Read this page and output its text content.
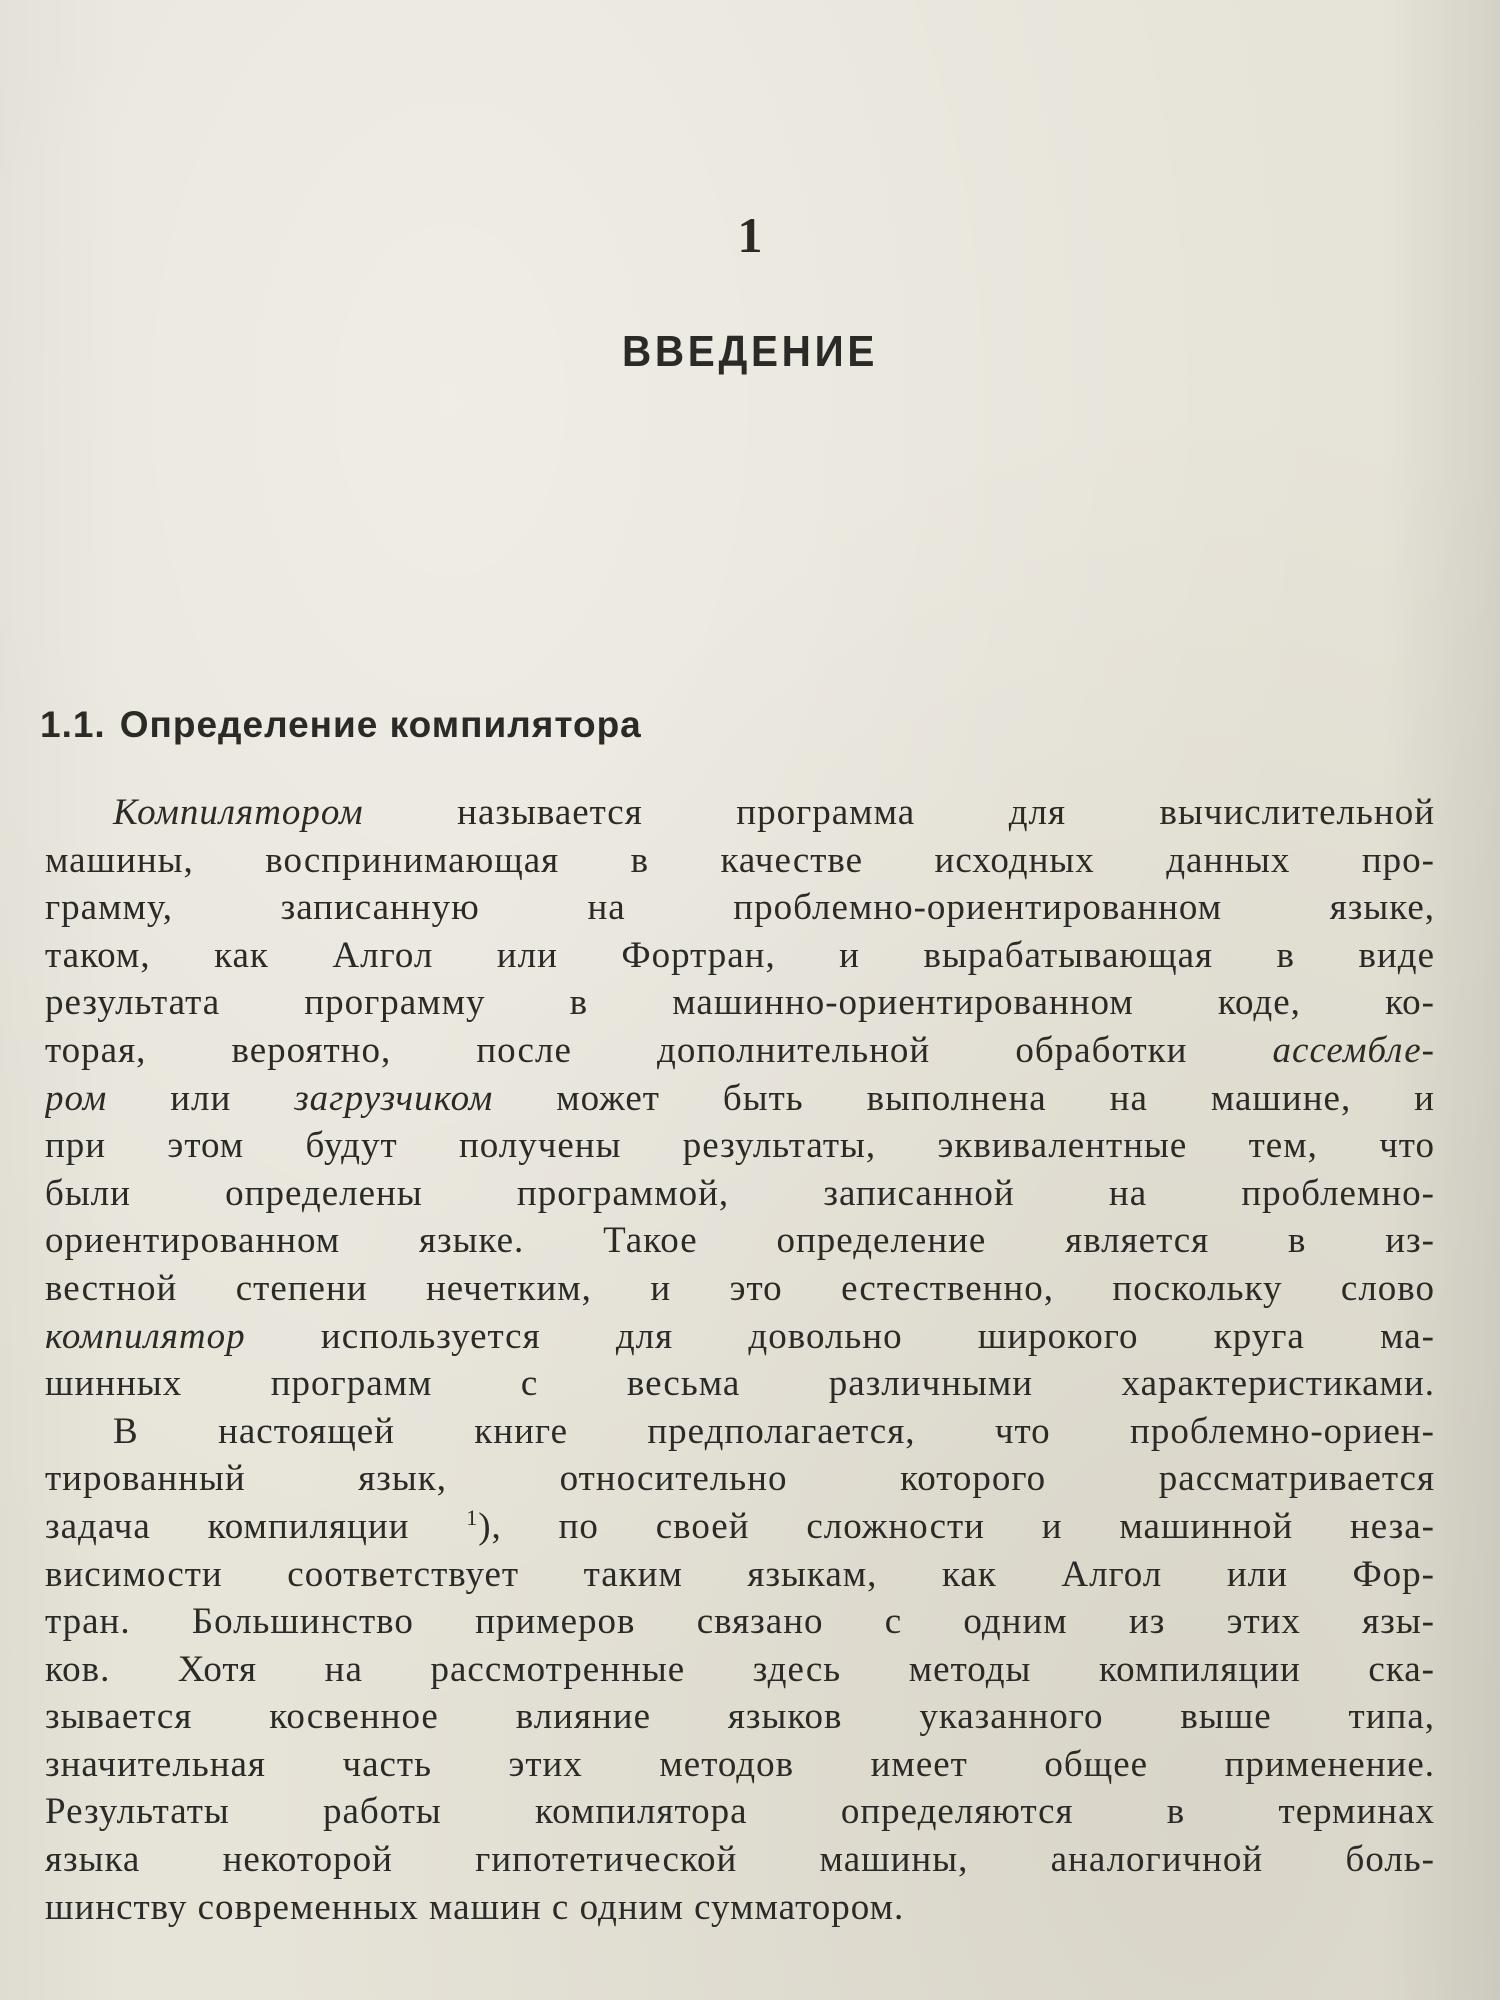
1
ВВЕДЕНИЕ
1.1. Определение компилятора
Компилятором называется программа для вычислительной
машины, воспринимающая в качестве исходных данных про-
грамму, записанную на проблемно-ориентированном языке,
таком, как Алгол или Фортран, и вырабатывающая в виде
результата программу в машинно-ориентированном коде, ко-
торая, вероятно, после дополнительной обработки ассембле-
ром или загрузчиком может быть выполнена на машине, и
при этом будут получены результаты, эквивалентные тем, что
были определены программой, записанной на проблемно-
ориентированном языке. Такое определение является в из-
вестной степени нечетким, и это естественно, поскольку слово
компилятор используется для довольно широкого круга ма-
шинных программ с весьма различными характеристиками.
В настоящей книге предполагается, что проблемно-ориен-
тированный язык, относительно которого рассматривается
задача компиляции $^1$), по своей сложности и машинной неза-
висимости соответствует таким языкам, как Алгол или Фор-
тран. Большинство примеров связано с одним из этих язы-
ков. Хотя на рассмотренные здесь методы компиляции ска-
зывается косвенное влияние языков указанного выше типа,
значительная часть этих методов имеет общее применение.
Результаты работы компилятора определяются в терминах
языка некоторой гипотетической машины, аналогичной боль-
шинству современных машин с одним сумматором.
